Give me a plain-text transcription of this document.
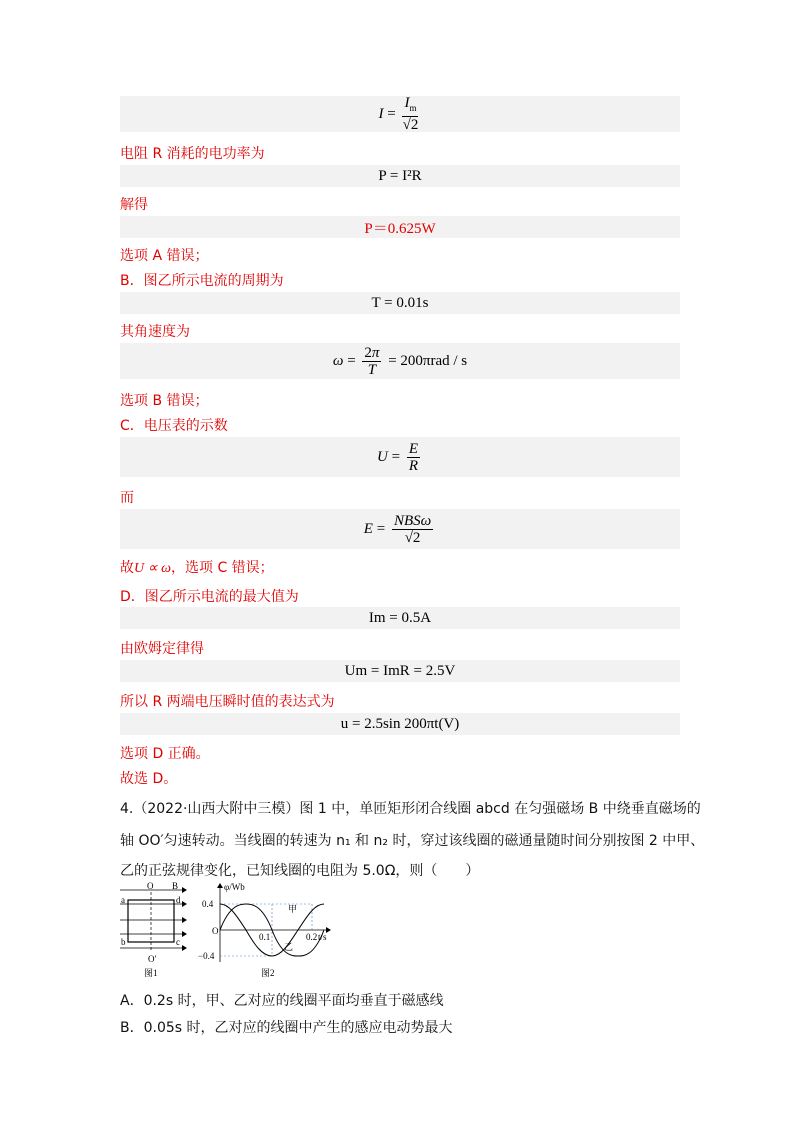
$I = \frac{I_m}{√2}$
电阻 R 消耗的电功率为
P = I²R
解得
P＝0.625W
选项 A 错误；
B．图乙所示电流的周期为
T = 0.01s
其角速度为
$\omega = \frac{2\pi}{T}$
= 200πrad / s
选项 B 错误；
C．电压表的示数
$U = \frac{E}{R}$
而
$E = \frac{\text{NBSω}}{√2}$
故U ∝ ω，选项 C 错误；
D．图乙所示电流的最大值为
Im = 0.5A
由欧姆定律得
Um = ImR = 2.5V
所以 R 两端电压瞬时值的表达式为
u = 2.5sin 200πt(V)
选项 D 正确。
故选 D。
4.（2022·山西大附中三模）图 1 中，单匝矩形闭合线圈 abcd 在匀强磁场 B 中绕垂直磁场的
轴 OO′匀速转动。当线圈的转速为 n₁ 和 n₂ 时，穿过该线圈的磁通量随时间分别按图 2 中甲、
乙的正弦规律变化，已知线圈的电阻为 5.0Ω，则（　　）
O B
a	d
b	c
O′
图1
φ/Wb
O
0.4
−0.4
0.1	0.2 t/s
甲
乙
图2
A．0.2s 时，甲、乙对应的线圈平面均垂直于磁感线
B．0.05s 时，乙对应的线圈中产生的感应电动势最大
